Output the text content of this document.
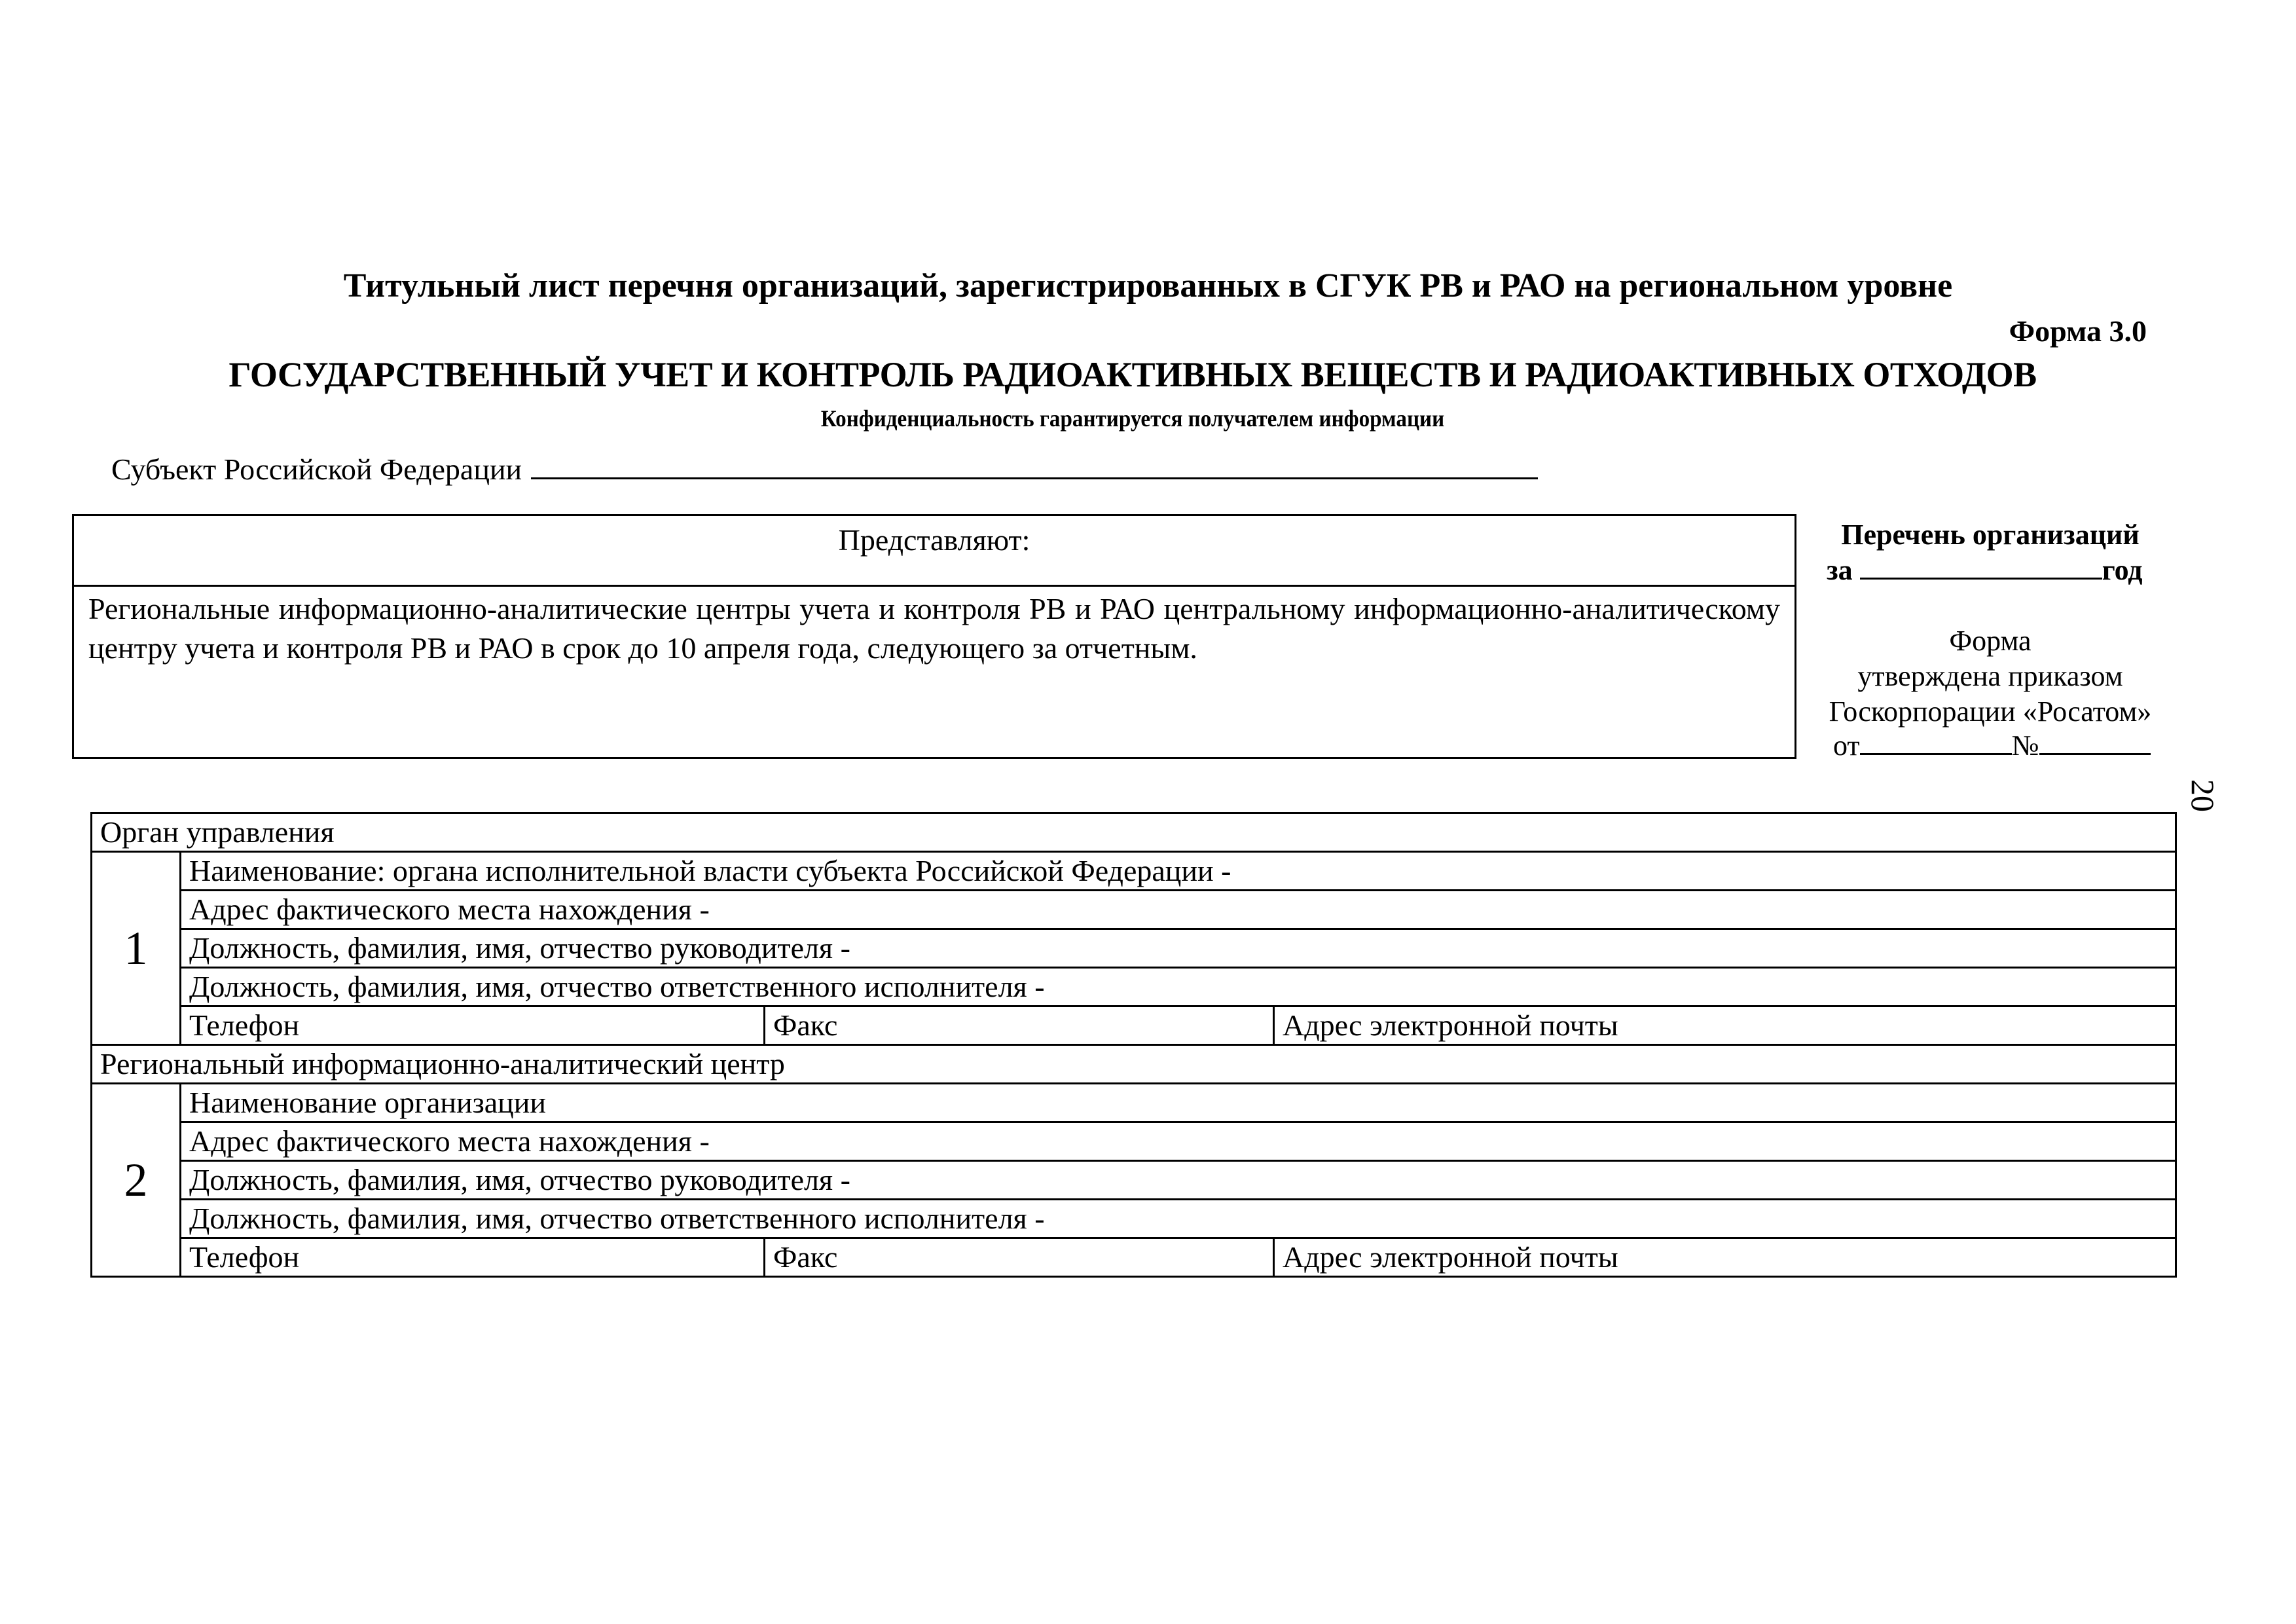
Титульный лист перечня организаций, зарегистрированных в СГУК РВ и РАО на региональном уровне
Форма 3.0
ГОСУДАРСТВЕННЫЙ УЧЕТ И КОНТРОЛЬ РАДИОАКТИВНЫХ ВЕЩЕСТВ И РАДИОАКТИВНЫХ ОТХОДОВ
Конфиденциальность гарантируется получателем информации
Субъект Российской Федерации
Представляют:
Региональные информационно-аналитические центры учета и контроля РВ и РАО центральному информационно-аналитическому центру учета и контроля РВ и РАО в срок до 10 апреля года, следующего за отчетным.
Перечень организаций
за	год
Форма
утверждена приказом
Госкорпорации «Росатом»
от	№
20
Орган управления			
1	Наименование: органа исполнительной власти субъекта Российской Федерации -		
	Адрес фактического места нахождения -		
	Должность, фамилия, имя, отчество руководителя -		
	Должность, фамилия, имя, отчество ответственного исполнителя -		
	Телефон	Факс	Адрес электронной почты
Региональный информационно-аналитический центр			
2	Наименование организации		
	Адрес фактического места нахождения -		
	Должность, фамилия, имя, отчество руководителя -		
	Должность, фамилия, имя, отчество ответственного исполнителя -		
	Телефон	Факс	Адрес электронной почты
